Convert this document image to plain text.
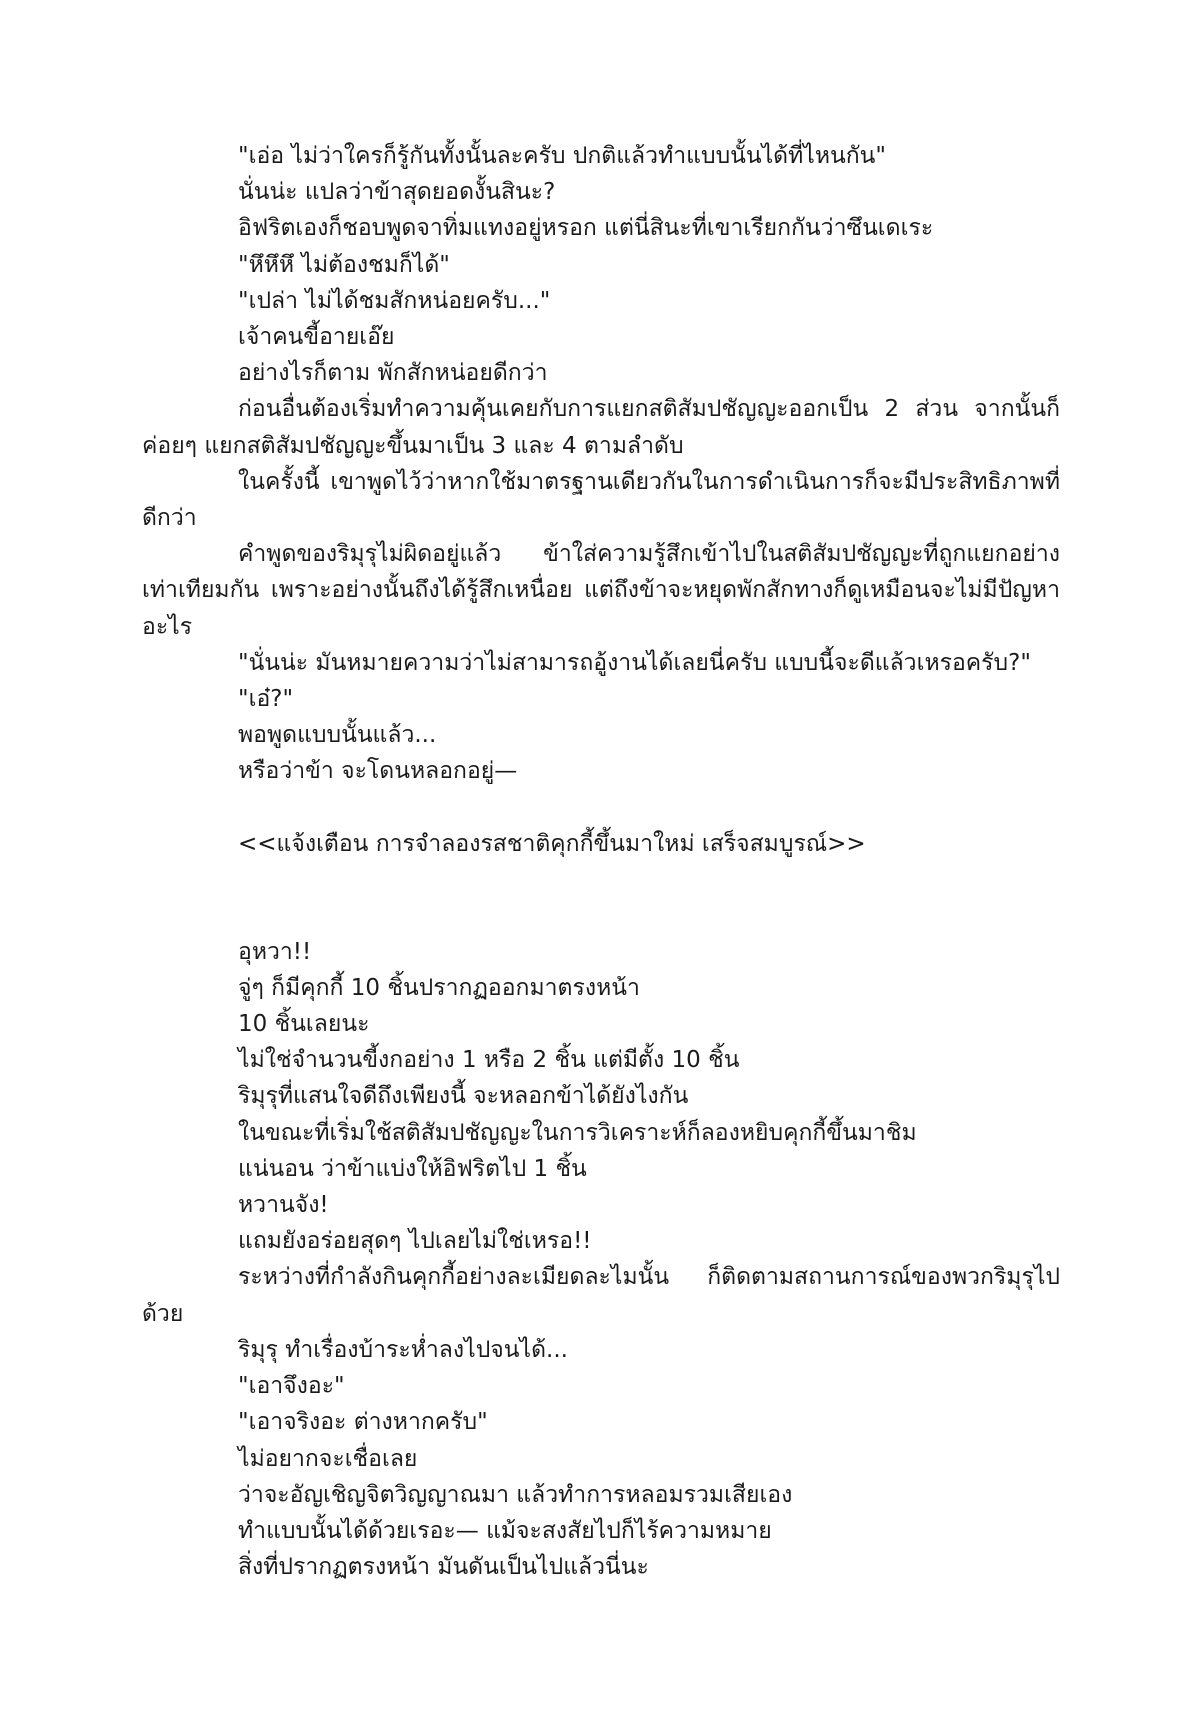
"เอ่อ ไม่ว่าใครก็รู้กันทั้งนั้นละครับ ปกติแล้วทำแบบนั้นได้ที่ไหนกัน"

นั่นน่ะ แปลว่าข้าสุดยอดงั้นสินะ?

อิฟริตเองก็ชอบพูดจาทิ่มแทงอยู่หรอก แต่นี่สินะที่เขาเรียกกันว่าซึนเดเระ

"หึหึหึ ไม่ต้องชมก็ได้"

"เปล่า ไม่ได้ชมสักหน่อยครับ..."

เจ้าคนขี้อายเอ๊ย

อย่างไรก็ตาม พักสักหน่อยดีกว่า

ก่อนอื่นต้องเริ่มทำความคุ้นเคยกับการแยกสติสัมปชัญญะออกเป็น 2 ส่วน จากนั้นก็ค่อยๆ แยกสติสัมปชัญญะขึ้นมาเป็น 3 และ 4 ตามลำดับ

ในครั้งนี้ เขาพูดไว้ว่าหากใช้มาตรฐานเดียวกันในการดำเนินการก็จะมีประสิทธิภาพที่ดีกว่า

คำพูดของริมุรุไม่ผิดอยู่แล้ว ข้าใส่ความรู้สึกเข้าไปในสติสัมปชัญญะที่ถูกแยกอย่างเท่าเทียมกัน เพราะอย่างนั้นถึงได้รู้สึกเหนื่อย แต่ถึงข้าจะหยุดพักสักทางก็ดูเหมือนจะไม่มีปัญหาอะไร

"นั่นน่ะ มันหมายความว่าไม่สามารถอู้งานได้เลยนี่ครับ แบบนี้จะดีแล้วเหรอครับ?"

"เอ๋?"

พอพูดแบบนั้นแล้ว...

หรือว่าข้า จะโดนหลอกอยู่—

<<แจ้งเตือน การจำลองรสชาติคุกกี้ขึ้นมาใหม่ เสร็จสมบูรณ์>>

อุหวา!!

จู่ๆ ก็มีคุกกี้ 10 ชิ้นปรากฏออกมาตรงหน้า

10 ชิ้นเลยนะ

ไม่ใช่จำนวนขี้งกอย่าง 1 หรือ 2 ชิ้น แต่มีตั้ง 10 ชิ้น

ริมุรุที่แสนใจดีถึงเพียงนี้ จะหลอกข้าได้ยังไงกัน

ในขณะที่เริ่มใช้สติสัมปชัญญะในการวิเคราะห์ก็ลองหยิบคุกกี้ขึ้นมาชิม

แน่นอน ว่าข้าแบ่งให้อิฟริตไป 1 ชิ้น

หวานจัง!

แถมยังอร่อยสุดๆ ไปเลยไม่ใช่เหรอ!!

ระหว่างที่กำลังกินคุกกี้อย่างละเมียดละไมนั้น ก็ติดตามสถานการณ์ของพวกริมุรุไปด้วย

ริมุรุ ทำเรื่องบ้าระห่ำลงไปจนได้...

"เอาจึงอะ"

"เอาจริงอะ ต่างหากครับ"

ไม่อยากจะเชื่อเลย

ว่าจะอัญเชิญจิตวิญญาณมา แล้วทำการหลอมรวมเสียเอง

ทำแบบนั้นได้ด้วยเรอะ— แม้จะสงสัยไปก็ไร้ความหมาย

สิ่งที่ปรากฏตรงหน้า มันดันเป็นไปแล้วนี่นะ
